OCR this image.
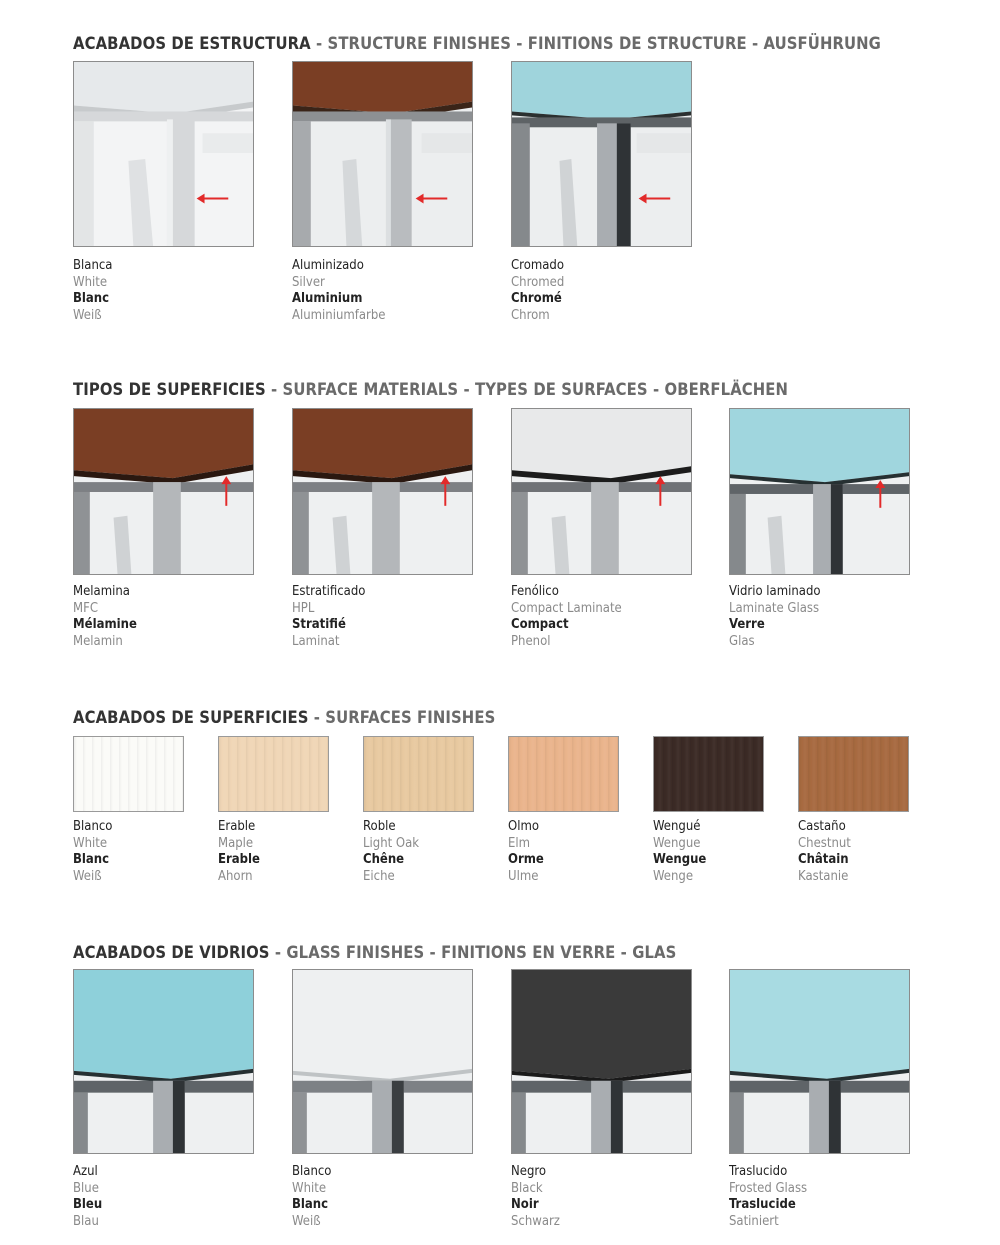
ACABADOS DE ESTRUCTURA - STRUCTURE FINISHES - FINITIONS DE STRUCTURE - AUSFÜHRUNG
Blanca
White
Blanc
Weiß
Aluminizado
Silver
Aluminium
Aluminiumfarbe
Cromado
Chromed
Chromé
Chrom
TIPOS DE SUPERFICIES - SURFACE MATERIALS - TYPES DE SURFACES - OBERFLÄCHEN
Melamina
MFC
Mélamine
Melamin
Estratificado
HPL
Stratifié
Laminat
Fenólico
Compact Laminate
Compact
Phenol
Vidrio laminado
Laminate Glass
Verre
Glas
ACABADOS DE SUPERFICIES - SURFACES FINISHES
Blanco
White
Blanc
Weiß
Erable
Maple
Erable
Ahorn
Roble
Light Oak
Chêne
Eiche
Olmo
Elm
Orme
Ulme
Wengué
Wengue
Wengue
Wenge
Castaño
Chestnut
Châtain
Kastanie
ACABADOS DE VIDRIOS - GLASS FINISHES - FINITIONS EN VERRE - GLAS
Azul
Blue
Bleu
Blau
Blanco
White
Blanc
Weiß
Negro
Black
Noir
Schwarz
Traslucido
Frosted Glass
Traslucide
Satiniert
